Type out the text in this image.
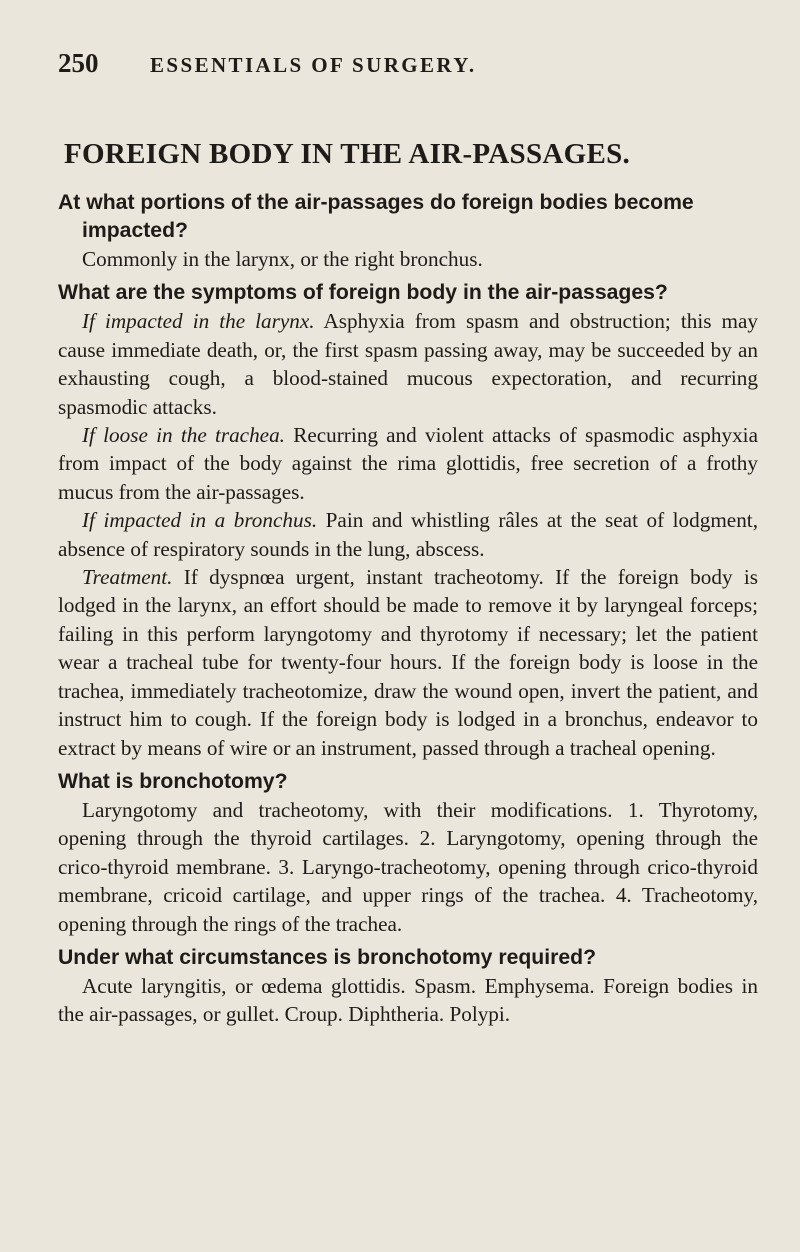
250	ESSENTIALS OF SURGERY.
FOREIGN BODY IN THE AIR-PASSAGES.

At what portions of the air-passages do foreign bodies become impacted?

Commonly in the larynx, or the right bronchus.

What are the symptoms of foreign body in the air-passages?

If impacted in the larynx. Asphyxia from spasm and obstruction; this may cause immediate death, or, the first spasm passing away, may be succeeded by an exhausting cough, a blood-stained mucous expectoration, and recurring spasmodic attacks.

If loose in the trachea. Recurring and violent attacks of spasmodic asphyxia from impact of the body against the rima glottidis, free secretion of a frothy mucus from the air-passages.

If impacted in a bronchus. Pain and whistling râles at the seat of lodgment, absence of respiratory sounds in the lung, abscess.

Treatment. If dyspnœa urgent, instant tracheotomy. If the foreign body is lodged in the larynx, an effort should be made to remove it by laryngeal forceps; failing in this perform laryngotomy and thyrotomy if necessary; let the patient wear a tracheal tube for twenty-four hours. If the foreign body is loose in the trachea, immediately tracheotomize, draw the wound open, invert the patient, and instruct him to cough. If the foreign body is lodged in a bronchus, endeavor to extract by means of wire or an instrument, passed through a tracheal opening.

What is bronchotomy?

Laryngotomy and tracheotomy, with their modifications. 1. Thyrotomy, opening through the thyroid cartilages. 2. Laryngotomy, opening through the crico-thyroid membrane. 3. Laryngo-tracheotomy, opening through crico-thyroid membrane, cricoid cartilage, and upper rings of the trachea. 4. Tracheotomy, opening through the rings of the trachea.

Under what circumstances is bronchotomy required?

Acute laryngitis, or œdema glottidis. Spasm. Emphysema. Foreign bodies in the air-passages, or gullet. Croup. Diphtheria. Polypi.
